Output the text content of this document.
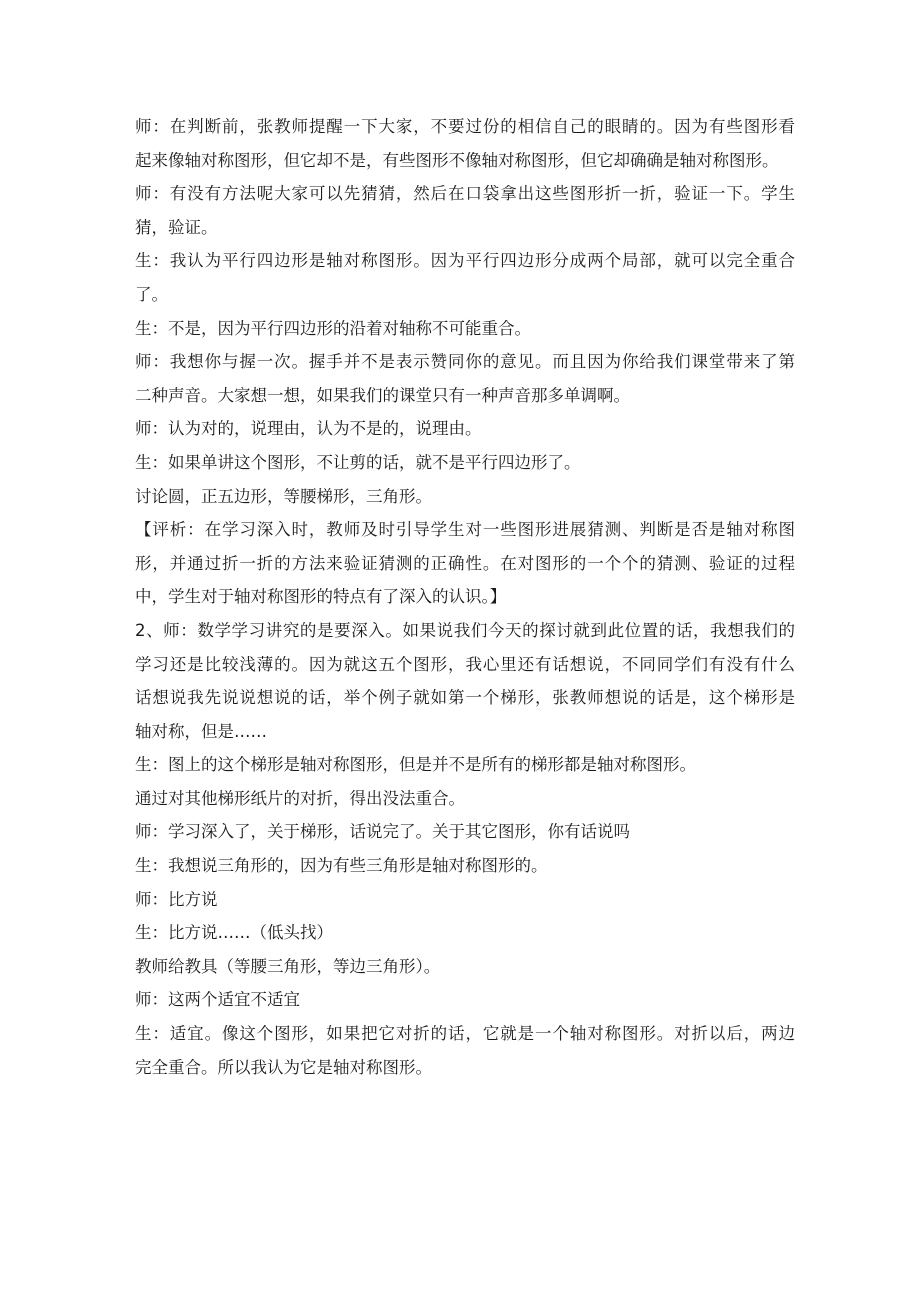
师：在判断前，张教师提醒一下大家，不要过份的相信自己的眼睛的。因为有些图形看
起来像轴对称图形，但它却不是，有些图形不像轴对称图形，但它却确确是轴对称图形。
师：有没有方法呢大家可以先猜猜，然后在口袋拿出这些图形折一折，验证一下。学生
猜，验证。
生：我认为平行四边形是轴对称图形。因为平行四边形分成两个局部，就可以完全重合
了。
生：不是，因为平行四边形的沿着对轴称不可能重合。
师：我想你与握一次。握手并不是表示赞同你的意见。而且因为你给我们课堂带来了第
二种声音。大家想一想，如果我们的课堂只有一种声音那多单调啊。
师：认为对的，说理由，认为不是的，说理由。
生：如果单讲这个图形，不让剪的话，就不是平行四边形了。
讨论圆，正五边形，等腰梯形，三角形。
【评析：在学习深入时，教师及时引导学生对一些图形进展猜测、判断是否是轴对称图
形，并通过折一折的方法来验证猜测的正确性。在对图形的一个个的猜测、验证的过程
中，学生对于轴对称图形的特点有了深入的认识。】
2、师：数学学习讲究的是要深入。如果说我们今天的探讨就到此位置的话，我想我们的
学习还是比较浅薄的。因为就这五个图形，我心里还有话想说，不同同学们有没有什么
话想说我先说说想说的话，举个例子就如第一个梯形，张教师想说的话是，这个梯形是
轴对称，但是……
生：图上的这个梯形是轴对称图形，但是并不是所有的梯形都是轴对称图形。
通过对其他梯形纸片的对折，得出没法重合。
师：学习深入了，关于梯形，话说完了。关于其它图形，你有话说吗
生：我想说三角形的，因为有些三角形是轴对称图形的。
师：比方说
生：比方说……（低头找）
教师给教具（等腰三角形，等边三角形）。
师：这两个适宜不适宜
生：适宜。像这个图形，如果把它对折的话，它就是一个轴对称图形。对折以后，两边
完全重合。所以我认为它是轴对称图形。
